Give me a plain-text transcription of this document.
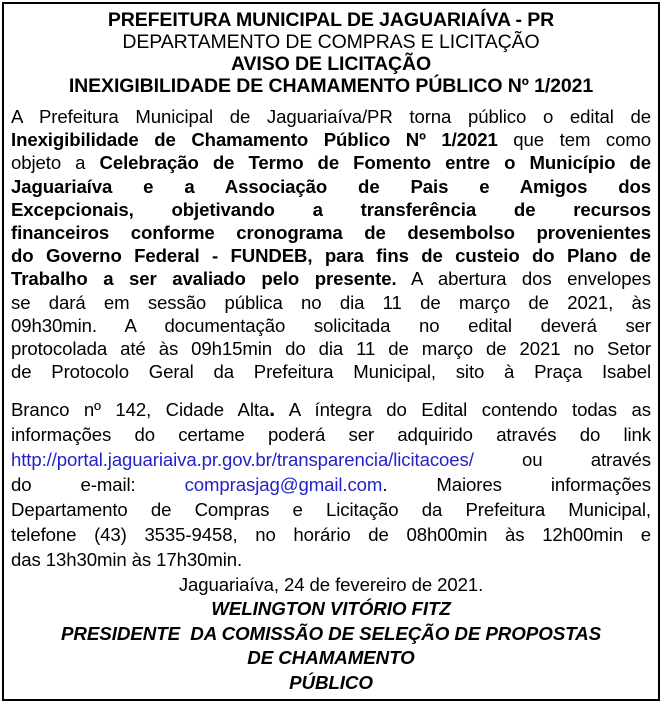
PREFEITURA MUNICIPAL DE JAGUARIAÍVA - PR
DEPARTAMENTO DE COMPRAS E LICITAÇÃO
AVISO DE LICITAÇÃO
INEXIGIBILIDADE DE CHAMAMENTO PÚBLICO Nº 1/2021
A Prefeitura Municipal de Jaguariaíva/PR torna público o edital de
Inexigibilidade de Chamamento Público Nº 1/2021 que tem como
objeto a Celebração de Termo de Fomento entre o Município de
Jaguariaíva e a Associação de Pais e Amigos dos
Excepcionais, objetivando a transferência de recursos
financeiros conforme cronograma de desembolso provenientes
do Governo Federal - FUNDEB, para fins de custeio do Plano de
Trabalho a ser avaliado pelo presente. A abertura dos envelopes
se dará em sessão pública no dia 11 de março de 2021, às
09h30min. A documentação solicitada no edital deverá ser
protocolada até às 09h15min do dia 11 de março de 2021 no Setor
de Protocolo Geral da Prefeitura Municipal, sito à Praça Isabel
Branco nº 142, Cidade Alta. A íntegra do Edital contendo todas as
informações do certame poderá ser adquirido através do link
http://portal.jaguariaiva.pr.gov.br/transparencia/licitacoes/ ou através
do e-mail: comprasjag@gmail.com. Maiores informações
Departamento de Compras e Licitação da Prefeitura Municipal,
telefone (43) 3535-9458, no horário de 08h00min às 12h00min e
das 13h30min às 17h30min.
Jaguariaíva, 24 de fevereiro de 2021.
WELINGTON VITÓRIO FITZ
PRESIDENTE  DA COMISSÃO DE SELEÇÃO DE PROPOSTAS
DE CHAMAMENTO
PÚBLICO
